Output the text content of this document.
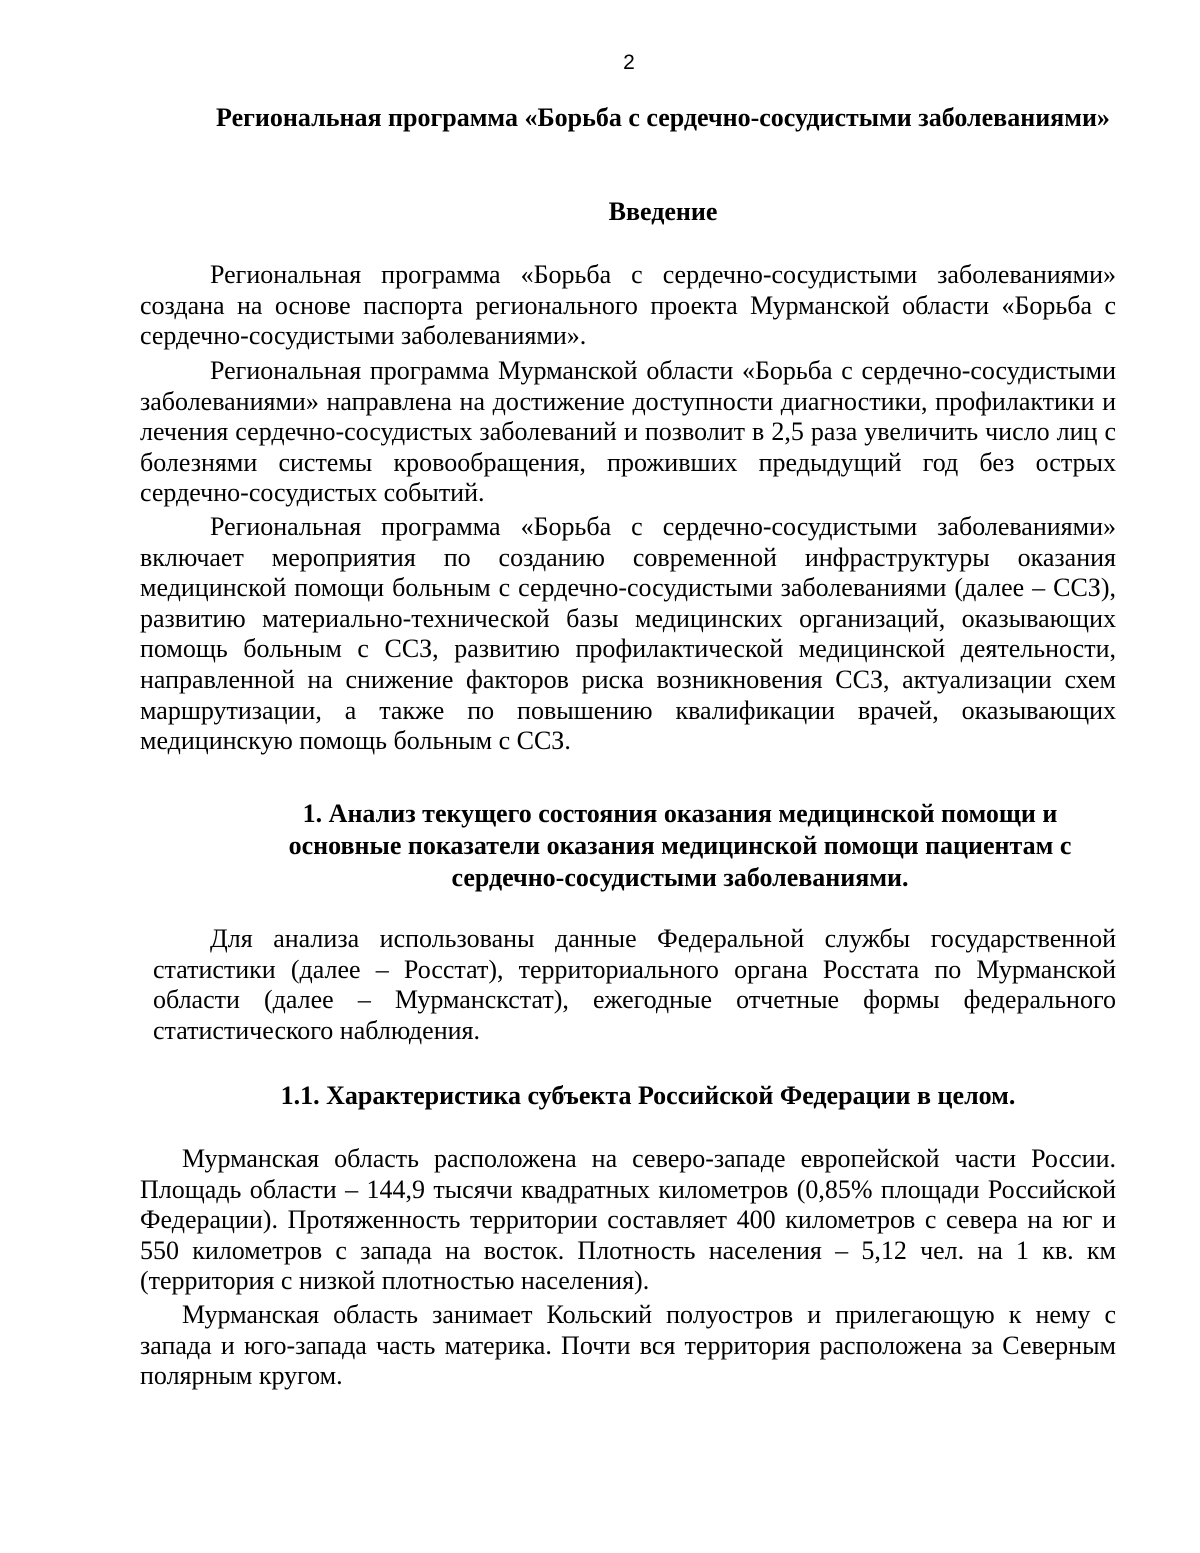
2
Региональная программа «Борьба с сердечно-сосудистыми заболеваниями»
Введение

Региональная программа «Борьба с сердечно-сосудистыми заболеваниями» создана на основе паспорта регионального проекта Мурманской области «Борьба с сердечно-сосудистыми заболеваниями».

Региональная программа Мурманской области «Борьба с сердечно-сосудистыми заболеваниями» направлена на достижение доступности диагностики, профилактики и лечения сердечно-сосудистых заболеваний и позволит в 2,5 раза увеличить число лиц с болезнями системы кровообращения, проживших предыдущий год без острых сердечно-сосудистых событий.

Региональная программа «Борьба с сердечно-сосудистыми заболеваниями» включает мероприятия по созданию современной инфраструктуры оказания медицинской помощи больным с сердечно-сосудистыми заболеваниями (далее – ССЗ), развитию материально-технической базы медицинских организаций, оказывающих помощь больным с ССЗ, развитию профилактической медицинской деятельности, направленной на снижение факторов риска возникновения ССЗ, актуализации схем маршрутизации, а также по повышению квалификации врачей, оказывающих медицинскую помощь больным с ССЗ.

1. Анализ текущего состояния оказания медицинской помощи и основные показатели оказания медицинской помощи пациентам с сердечно-сосудистыми заболеваниями.

Для анализа использованы данные Федеральной службы государственной статистики (далее – Росстат), территориального органа Росстата по Мурманской области (далее – Мурманскстат), ежегодные отчетные формы федерального статистического наблюдения.

1.1. Характеристика субъекта Российской Федерации в целом.

Мурманская область расположена на северо-западе европейской части России. Площадь области – 144,9 тысячи квадратных километров (0,85% площади Российской Федерации). Протяженность территории составляет 400 километров с севера на юг и 550 километров с запада на восток. Плотность населения – 5,12 чел. на 1 кв. км (территория с низкой плотностью населения).

Мурманская область занимает Кольский полуостров и прилегающую к нему с запада и юго-запада часть материка. Почти вся территория расположена за Северным полярным кругом.
